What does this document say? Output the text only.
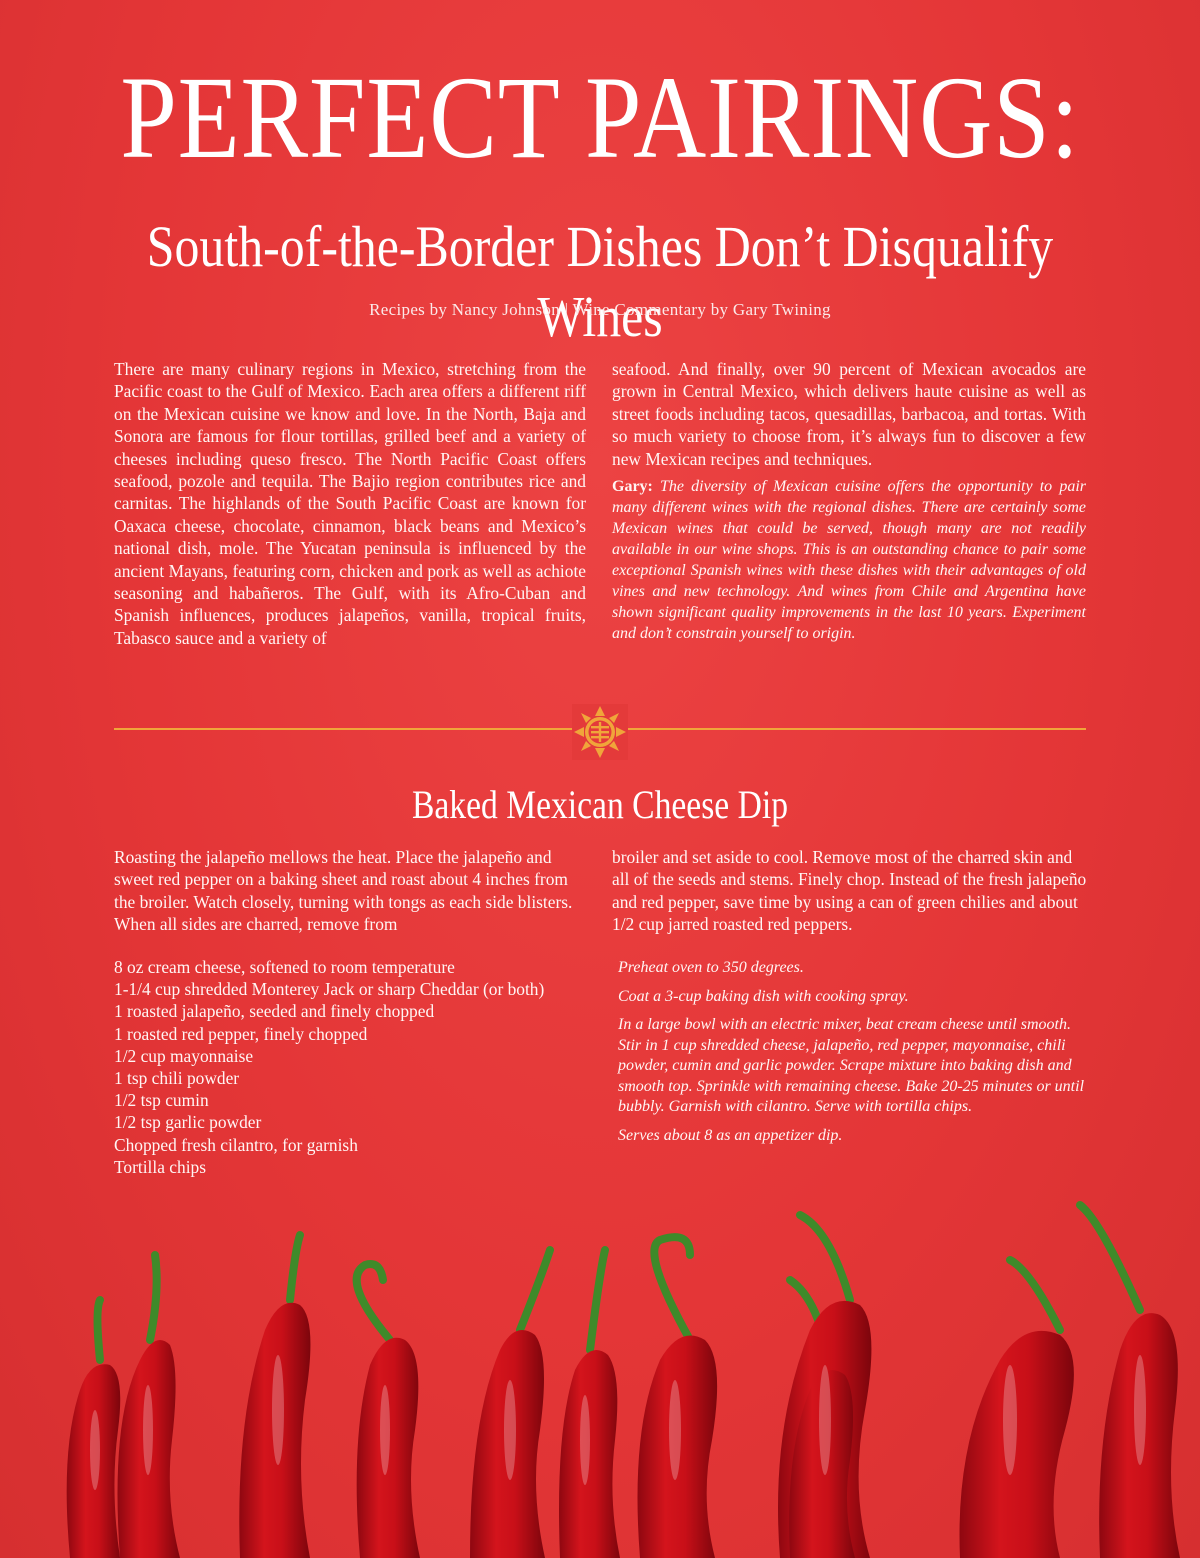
PERFECT PAIRINGS:
South-of-the-Border Dishes Don’t Disqualify Wines
Recipes by Nancy Johnson | Wine Commentary by Gary Twining
There are many culinary regions in Mexico, stretching from the Pacific coast to the Gulf of Mexico. Each area offers a different riff on the Mexican cuisine we know and love. In the North, Baja and Sonora are famous for flour tortillas, grilled beef and a variety of cheeses including queso fresco. The North Pacific Coast offers seafood, pozole and tequila. The Bajio region contributes rice and carnitas. The highlands of the South Pacific Coast are known for Oaxaca cheese, chocolate, cinnamon, black beans and Mexico’s national dish, mole. The Yucatan peninsula is influenced by the ancient Mayans, featuring corn, chicken and pork as well as achiote seasoning and habañeros. The Gulf, with its Afro-Cuban and Spanish influences, produces jalapeños, vanilla, tropical fruits, Tabasco sauce and a variety of

seafood. And finally, over 90 percent of Mexican avocados are grown in Central Mexico, which delivers haute cuisine as well as street foods including tacos, quesadillas, barbacoa, and tortas. With so much variety to choose from, it’s always fun to discover a few new Mexican recipes and techniques.

Gary: The diversity of Mexican cuisine offers the opportunity to pair many different wines with the regional dishes. There are certainly some Mexican wines that could be served, though many are not readily available in our wine shops. This is an outstanding chance to pair some exceptional Spanish wines with these dishes with their advantages of old vines and new technology. And wines from Chile and Argentina have shown significant quality improvements in the last 10 years. Experiment and don’t constrain yourself to origin.

Baked Mexican Cheese Dip
Roasting the jalapeño mellows the heat. Place the jalapeño and sweet red pepper on a baking sheet and roast about 4 inches from the broiler. Watch closely, turning with tongs as each side blisters. When all sides are charred, remove from
broiler and set aside to cool. Remove most of the charred skin and all of the seeds and stems. Finely chop. Instead of the fresh jalapeño and red pepper, save time by using a can of green chilies and about 1/2 cup jarred roasted red peppers.
8 oz cream cheese, softened to room temperature
1-1/4 cup shredded Monterey Jack or sharp Cheddar (or both)
1 roasted jalapeño, seeded and finely chopped
1 roasted red pepper, finely chopped
1/2 cup mayonnaise
1 tsp chili powder
1/2 tsp cumin
1/2 tsp garlic powder
Chopped fresh cilantro, for garnish
Tortilla chips

Preheat oven to 350 degrees.

Coat a 3-cup baking dish with cooking spray.

In a large bowl with an electric mixer, beat cream cheese until smooth. Stir in 1 cup shredded cheese, jalapeño, red pepper, mayonnaise, chili powder, cumin and garlic powder. Scrape mixture into baking dish and smooth top. Sprinkle with remaining cheese. Bake 20-25 minutes or until bubbly. Garnish with cilantro. Serve with tortilla chips.

Serves about 8 as an appetizer dip.
